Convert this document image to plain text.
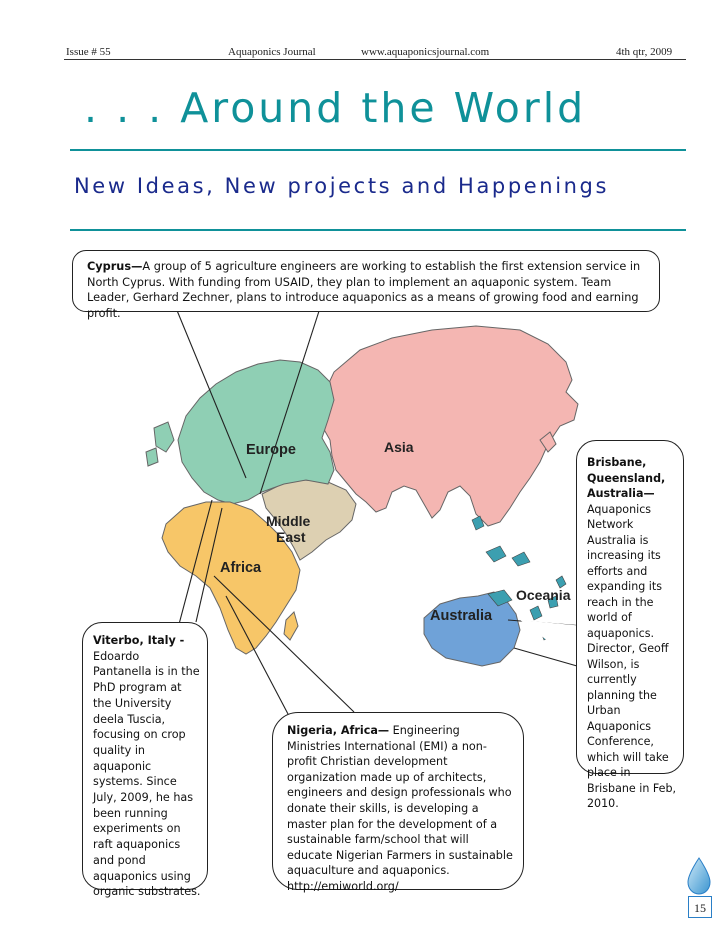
Issue # 55	Aquaponics Journal	www.aquaponicsjournal.com	4th qtr, 2009
. . . Around the World
New Ideas, New projects and Happenings
Europe	Asia
Middle
East
Africa
Oceania
Australia
Cyprus—A group of 5 agriculture engineers are working to establish the first extension service in North Cyprus. With funding from USAID, they plan to implement an aquaponic system. Team Leader, Gerhard Zechner, plans to introduce aquaponics as a means of growing food and earning profit.
Brisbane, Queensland, Australia— Aquaponics Network Australia is increasing its efforts and expanding its reach in the world of aquaponics. Director, Geoff Wilson, is currently planning the Urban Aquaponics Conference, which will take place in Brisbane in Feb, 2010.
Viterbo, Italy - Edoardo Pantanella is in the PhD program at the University deela Tuscia, focusing on crop quality in aquaponic systems. Since July, 2009, he has been running experiments on raft aquaponics and pond aquaponics using organic substrates.
Nigeria, Africa— Engineering Ministries International (EMI) a non-profit Christian development organization made up of architects, engineers and design professionals who donate their skills, is developing a master plan for the development of a sustainable farm/school that will educate Nigerian Farmers in sustainable aquaculture and aquaponics. http://emiworld.org/
15
